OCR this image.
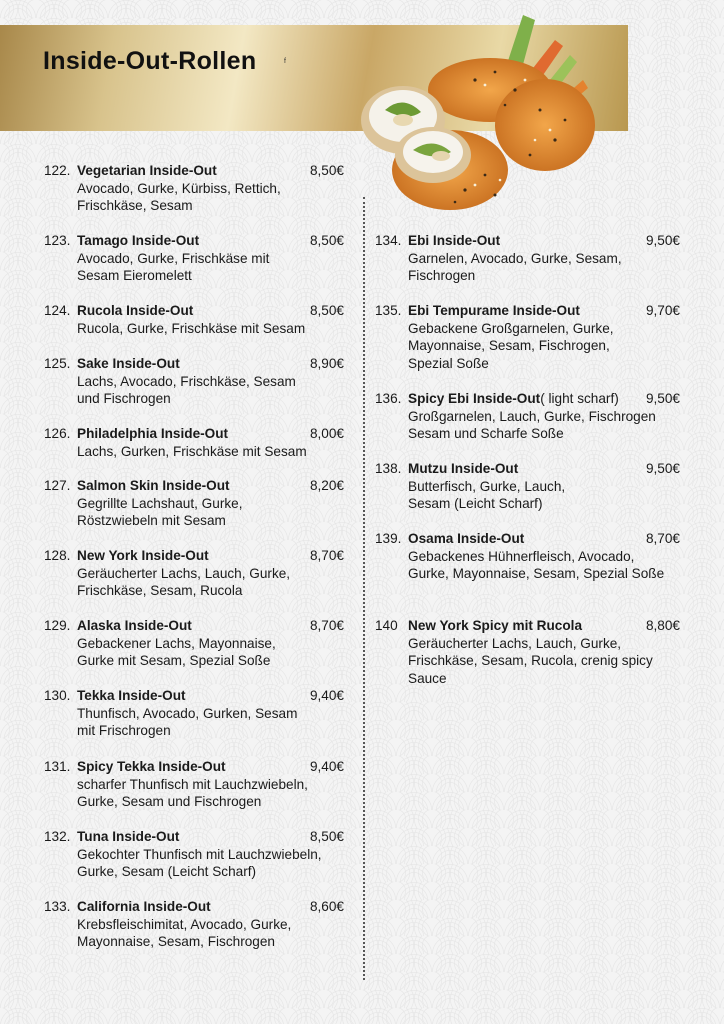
Inside-Out-Rollen	f
122. Vegetarian Inside-Out	8,50€
Avocado, Gurke, Kürbiss, Rettich, Frischkäse, Sesam
123. Tamago Inside-Out	8,50€
Avocado, Gurke, Frischkäse mit Sesam Eieromelett
124. Rucola Inside-Out	8,50€
Rucola, Gurke, Frischkäse mit Sesam
125. Sake Inside-Out	8,90€
Lachs, Avocado, Frischkäse, Sesam und Fischrogen
126. Philadelphia Inside-Out	8,00€
Lachs, Gurken, Frischkäse mit Sesam
127. Salmon Skin Inside-Out	8,20€
Gegrillte Lachshaut, Gurke, Röstzwiebeln mit Sesam
128. New York Inside-Out	8,70€
Geräucherter Lachs, Lauch, Gurke, Frischkäse, Sesam, Rucola
129. Alaska Inside-Out	8,70€
Gebackener Lachs, Mayonnaise, Gurke mit Sesam, Spezial Soße
130. Tekka Inside-Out	9,40€
Thunfisch, Avocado, Gurken, Sesam mit Frischrogen
131. Spicy Tekka Inside-Out	9,40€
scharfer Thunfisch mit Lauchzwiebeln, Gurke, Sesam und Fischrogen
132. Tuna Inside-Out	8,50€
Gekochter Thunfisch mit Lauchzwiebeln, Gurke, Sesam (Leicht Scharf)
133. California Inside-Out	8,60€
Krebsfleischimitat, Avocado, Gurke, Mayonnaise, Sesam, Fischrogen
134. Ebi Inside-Out	9,50€
Garnelen, Avocado, Gurke, Sesam, Fischrogen
135. Ebi Tempurame Inside-Out	9,70€
Gebackene Großgarnelen, Gurke, Mayonnaise, Sesam, Fischrogen, Spezial Soße
136. Spicy Ebi Inside-Out ( light scharf) 9,50€
Großgarnelen, Lauch, Gurke, Fischrogen Sesam und Scharfe Soße
138. Mutzu Inside-Out	9,50€
Butterfisch, Gurke, Lauch, Sesam (Leicht Scharf)
139. Osama Inside-Out	8,70€
Gebackenes Hühnerfleisch, Avocado, Gurke, Mayonnaise, Sesam, Spezial Soße
140 New York Spicy mit Rucola	8,80€
Geräucherter Lachs, Lauch, Gurke, Frischkäse, Sesam, Rucola, crenig spicy Sauce
